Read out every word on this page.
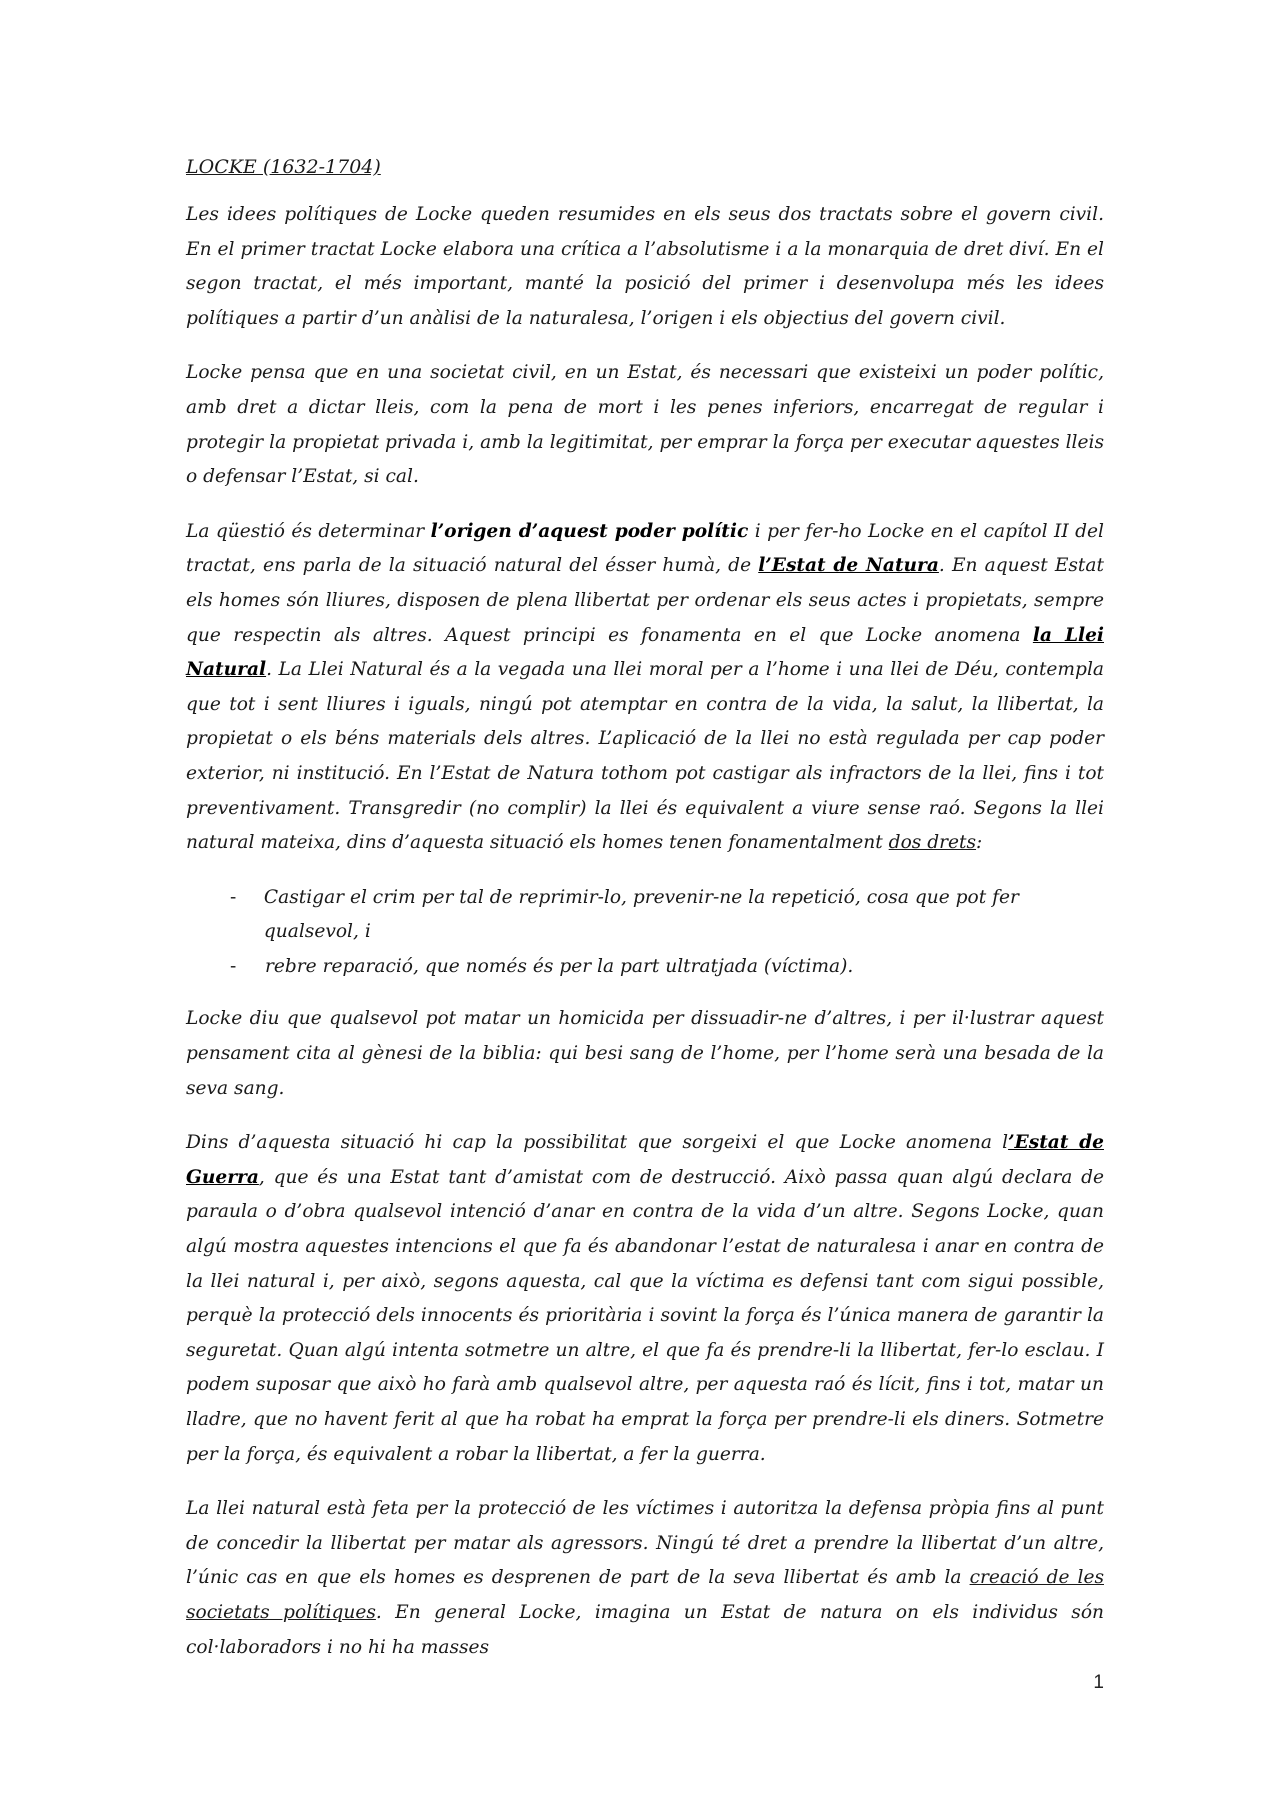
LOCKE (1632-1704)

Les idees polítiques de Locke queden resumides en els seus dos tractats sobre el govern civil. En el primer tractat Locke elabora una crítica a l’absolutisme i a la monarquia de dret diví. En el segon tractat, el més important, manté la posició del primer i desenvolupa més les idees polítiques a partir d’un anàlisi de la naturalesa, l’origen i els objectius del govern civil.

Locke pensa que en una societat civil, en un Estat, és necessari que existeixi un poder polític, amb dret a dictar lleis, com la pena de mort i les penes inferiors, encarregat de regular i protegir la propietat privada i, amb la legitimitat, per emprar la força per executar aquestes lleis o defensar l’Estat, si cal.

La qüestió és determinar l’origen d’aquest poder polític i per fer-ho Locke en el capítol II del tractat, ens parla de la situació natural del ésser humà, de l’Estat de Natura. En aquest Estat els homes són lliures, disposen de plena llibertat per ordenar els seus actes i propietats, sempre que respectin als altres. Aquest principi es fonamenta en el que Locke anomena la Llei Natural. La Llei Natural és a la vegada una llei moral per a l’home i una llei de Déu, contempla que tot i sent lliures i iguals, ningú pot atemptar en contra de la vida, la salut, la llibertat, la propietat o els béns materials dels altres. L’aplicació de la llei no està regulada per cap poder exterior, ni institució. En l’Estat de Natura tothom pot castigar als infractors de la llei, fins i tot preventivament. Transgredir (no complir) la llei és equivalent a viure sense raó. Segons la llei natural mateixa, dins d’aquesta situació els homes tenen fonamentalment dos drets:

-	Castigar el crim per tal de reprimir-lo, prevenir-ne la repetició, cosa que pot fer qualsevol, i
-	rebre reparació, que només és per la part ultratjada (víctima).

Locke diu que qualsevol pot matar un homicida per dissuadir-ne d’altres, i per il·lustrar aquest pensament cita al gènesi de la biblia: qui besi sang de l’home, per l’home serà una besada de la seva sang.

Dins d’aquesta situació hi cap la possibilitat que sorgeixi el que Locke anomena l’Estat de Guerra, que és una Estat tant d’amistat com de destrucció. Això passa quan algú declara de paraula o d’obra qualsevol intenció d’anar en contra de la vida d’un altre. Segons Locke, quan algú mostra aquestes intencions el que fa és abandonar l’estat de naturalesa i anar en contra de la llei natural i, per això, segons aquesta, cal que la víctima es defensi tant com sigui possible, perquè la protecció dels innocents és prioritària i sovint la força és l’única manera de garantir la seguretat. Quan algú intenta sotmetre un altre, el que fa és prendre-li la llibertat, fer-lo esclau. I podem suposar que això ho farà amb qualsevol altre, per aquesta raó és lícit, fins i tot, matar un lladre, que no havent ferit al que ha robat ha emprat la força per prendre-li els diners. Sotmetre per la força, és equivalent a robar la llibertat, a fer la guerra.

La llei natural està feta per la protecció de les víctimes i autoritza la defensa pròpia fins al punt de concedir la llibertat per matar als agressors. Ningú té dret a prendre la llibertat d’un altre, l’únic cas en que els homes es desprenen de part de la seva llibertat és amb la creació de les societats polítiques. En general Locke, imagina un Estat de natura on els individus són col·laboradors i no hi ha masses

1
